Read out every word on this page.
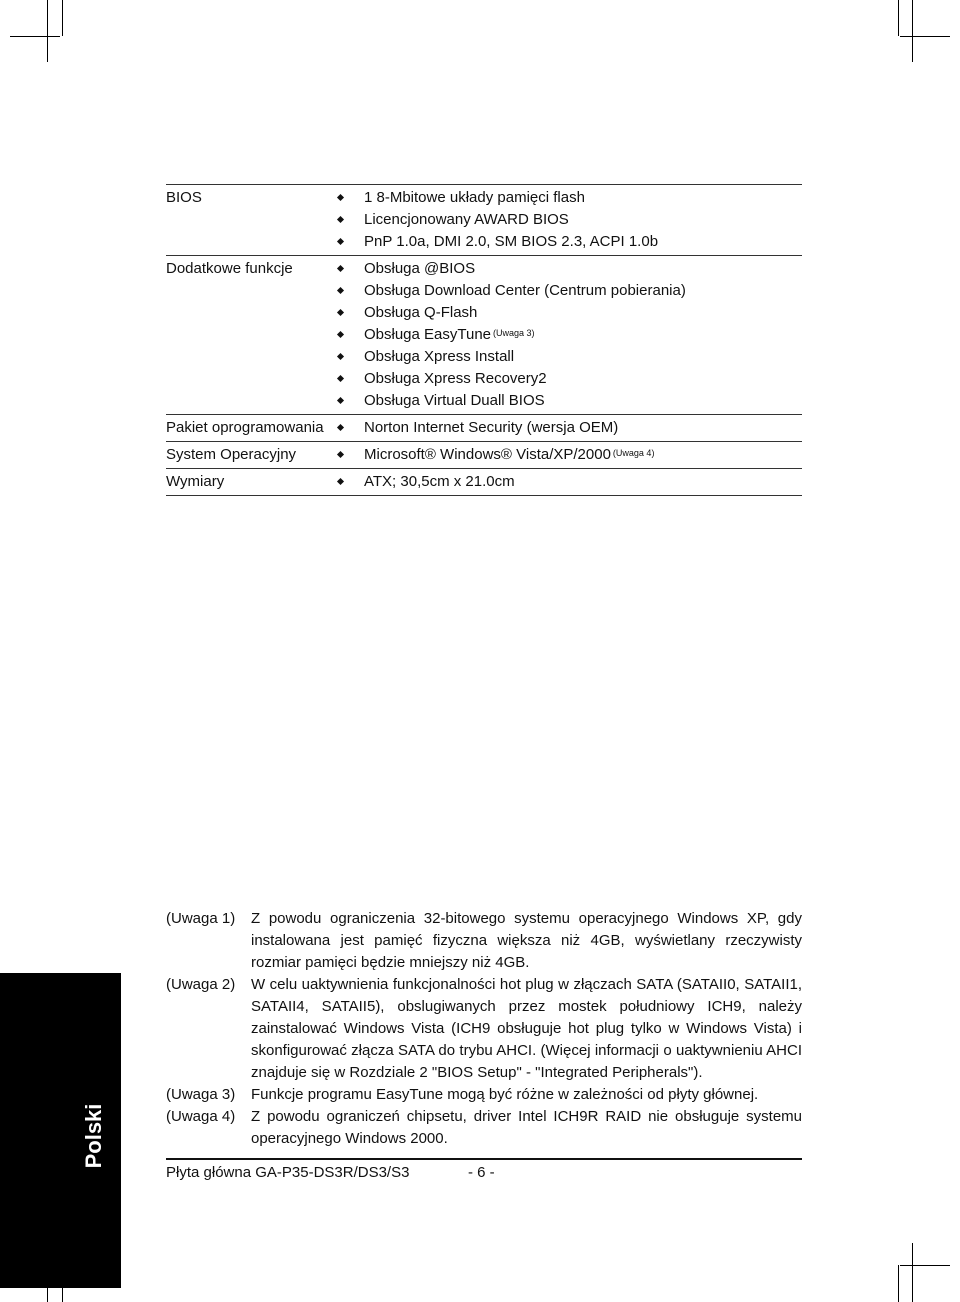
BIOS	1 8-Mbitowe układy pamięci flash
Licencjonowany AWARD BIOS
PnP 1.0a, DMI 2.0, SM BIOS 2.3, ACPI 1.0b
Dodatkowe funkcje	Obsługa @BIOS
Obsługa Download Center (Centrum pobierania)
Obsługa Q-Flash
Obsługa EasyTune $^{(Uwaga 3)}$
Obsługa Xpress Install
Obsługa Xpress Recovery2
Obsługa Virtual Duall BIOS
Pakiet oprogramowania	Norton Internet Security (wersja OEM)
System Operacyjny	Microsoft® Windows® Vista/XP/2000 $^{(Uwaga 4)}$
Wymiary	ATX; 30,5cm x 21.0cm
Polski
(Uwaga 1) Z powodu ograniczenia 32-bitowego systemu operacyjnego Windows XP, gdy instalowana jest pamięć fizyczna większa niż 4GB, wyświetlany rzeczywisty rozmiar pamięci będzie mniejszy niż 4GB.
(Uwaga 2) W celu uaktywnienia funkcjonalności hot plug w złączach SATA (SATAII0, SATAII1, SATAII4, SATAII5), obslugiwanych przez mostek południowy ICH9, należy zainstalować Windows Vista (ICH9 obsługuje hot plug tylko w Windows Vista) i skonfigurować złącza SATA do trybu AHCI. (Więcej informacji o uaktywnieniu AHCI znajduje się w Rozdziale 2 "BIOS Setup" - "Integrated Peripherals").
(Uwaga 3) Funkcje programu EasyTune mogą być różne w zależności od płyty głównej.
(Uwaga 4) Z powodu ograniczeń chipsetu, driver Intel ICH9R RAID nie obsługuje systemu operacyjnego Windows 2000.
Płyta główna GA-P35-DS3R/DS3/S3	- 6 -
